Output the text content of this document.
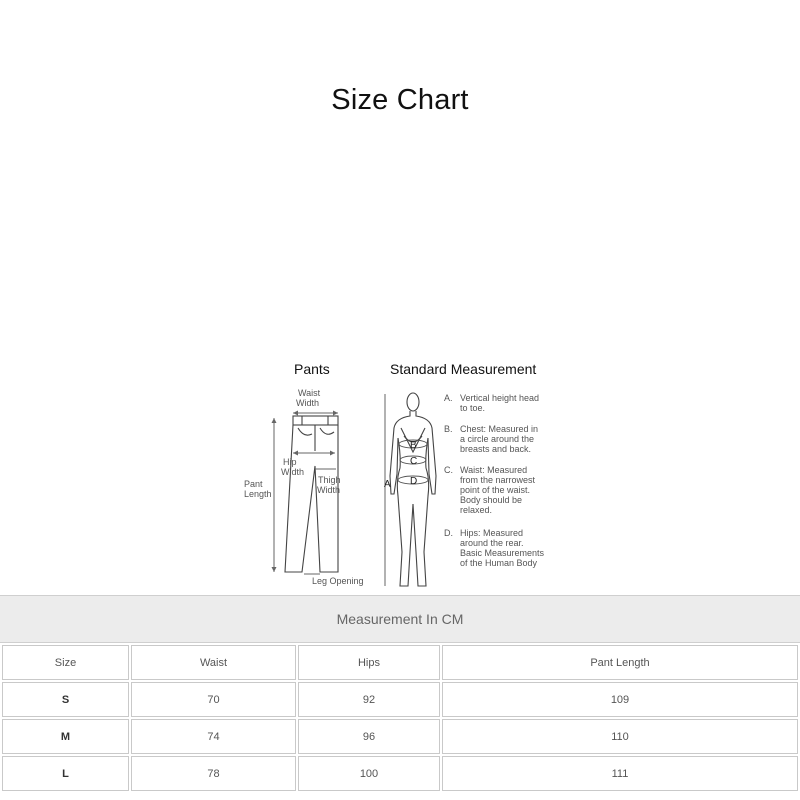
Size Chart
Pants
Waist
Width
Pant
Length
Hip
Width
Thigh
Width
Leg Opening
Standard Measurement
B
C
D
A
A. Vertical height head
to toe.
B. Chest: Measured in
a circle around the
breasts and back.
C. Waist: Measured
from the narrowest
point of the waist.
Body should be
relaxed.
D. Hips: Measured
around the rear.
Basic Measurements
of the Human Body
Measurement In CM
Size	Waist	Hips	Pant Length
S	70	92	109
M	74	96	110
L	78	100	111
